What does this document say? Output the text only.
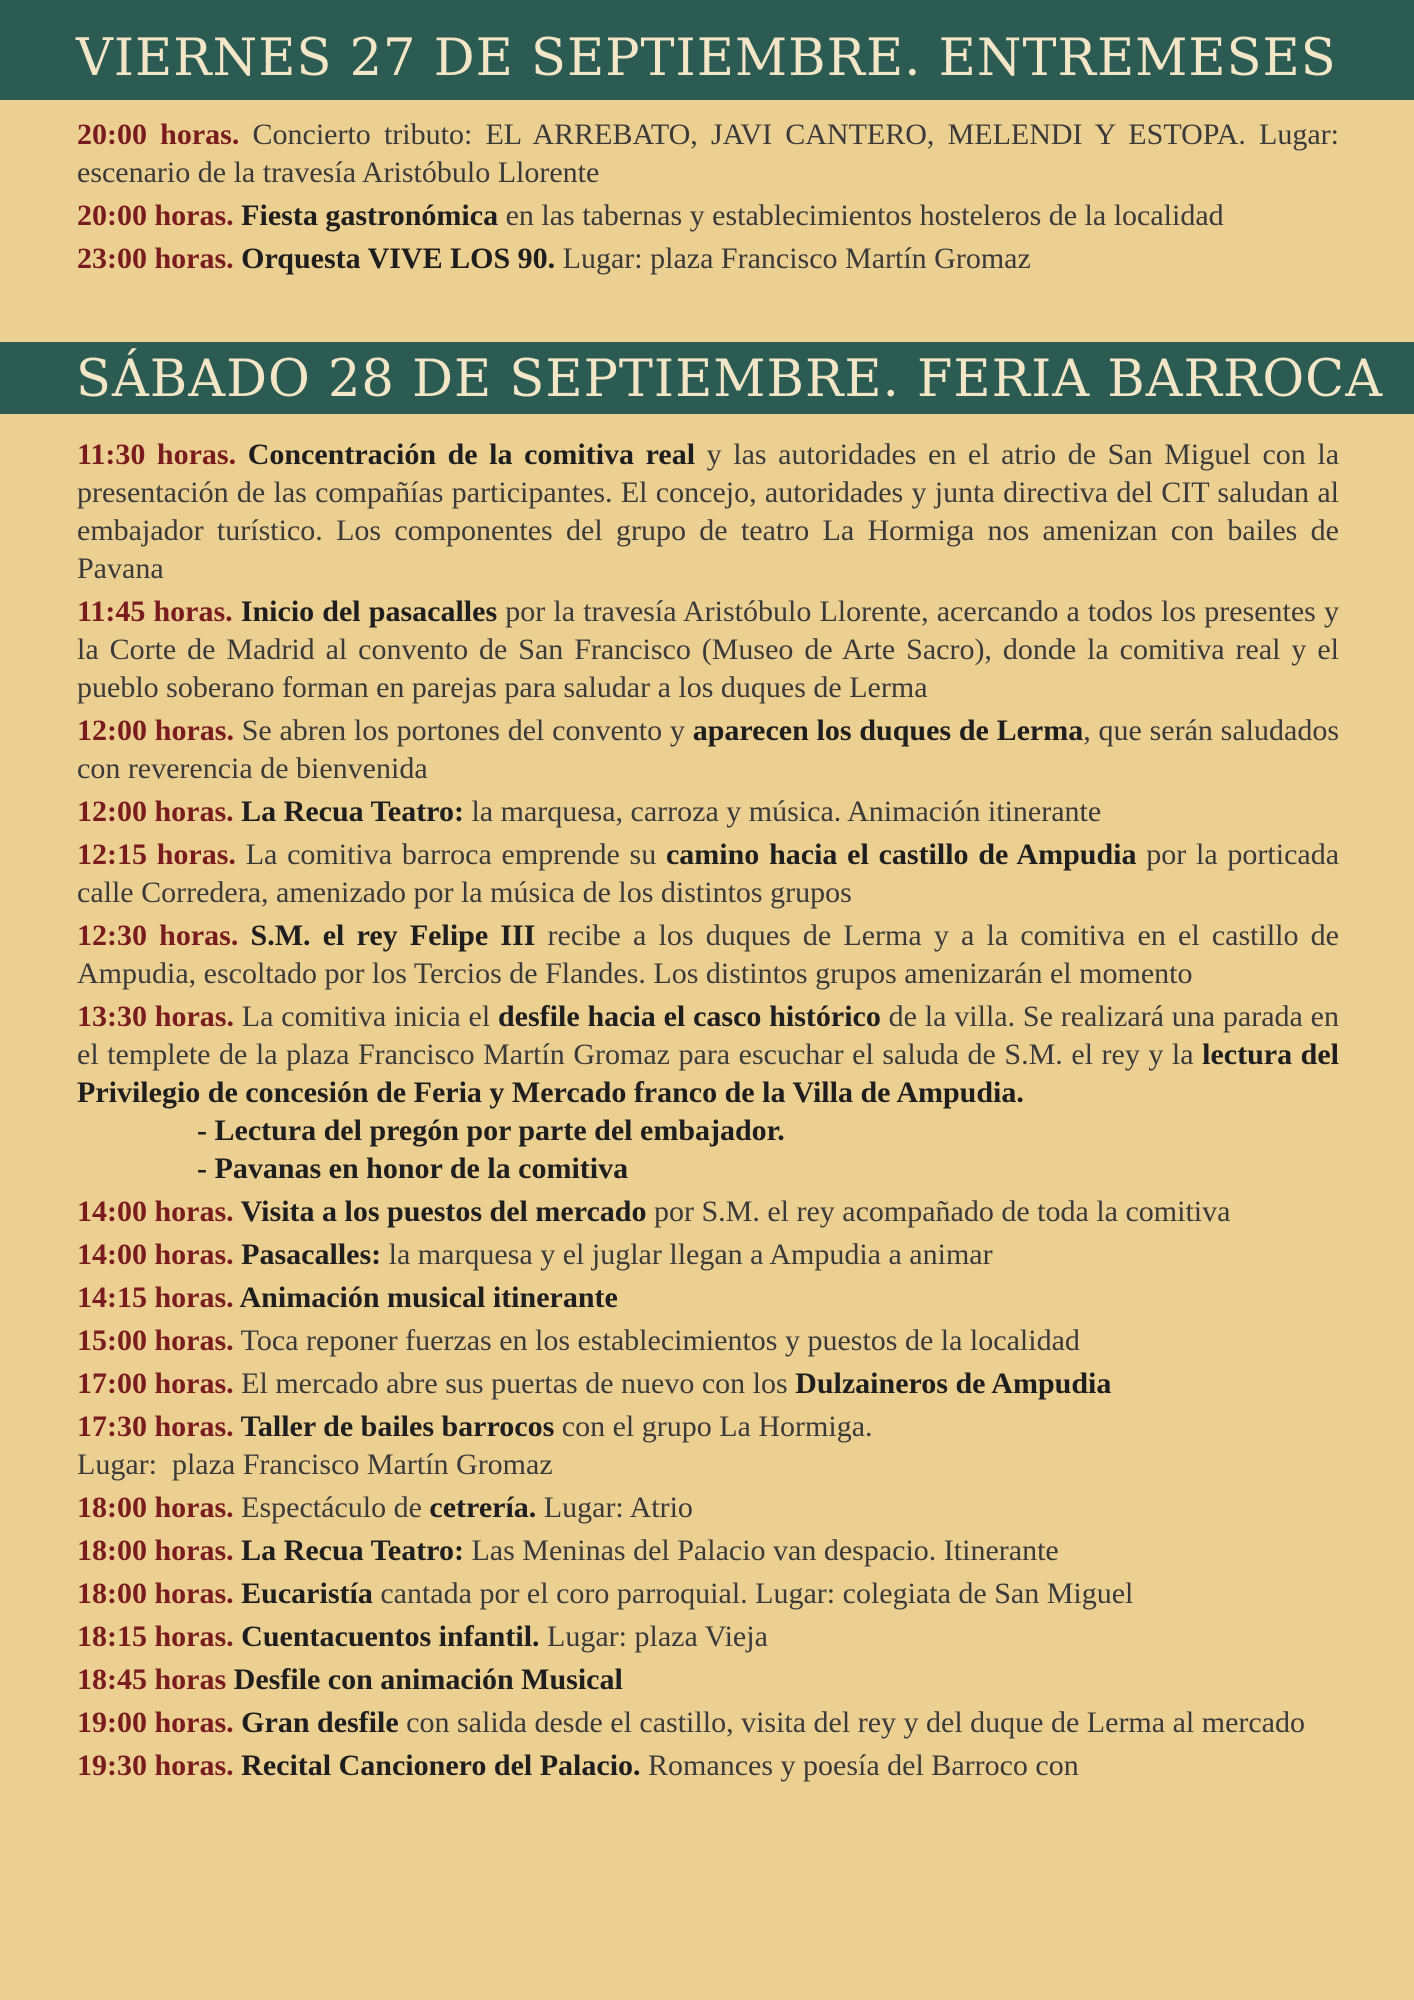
VIERNES 27 DE SEPTIEMBRE. ENTREMESES
20:00 horas. Concierto tributo: EL ARREBATO, JAVI CANTERO, MELENDI Y ESTOPA. Lugar: escenario de la travesía Aristóbulo Llorente
20:00 horas. Fiesta gastronómica en las tabernas y establecimientos hosteleros de la localidad
23:00 horas. Orquesta VIVE LOS 90. Lugar: plaza Francisco Martín Gromaz
SÁBADO 28 DE SEPTIEMBRE. FERIA BARROCA
11:30 horas. Concentración de la comitiva real y las autoridades en el atrio de San Miguel con la presentación de las compañías participantes. El concejo, autoridades y junta directiva del CIT saludan al embajador turístico. Los componentes del grupo de teatro La Hormiga nos amenizan con bailes de Pavana
11:45 horas. Inicio del pasacalles por la travesía Aristóbulo Llorente, acercando a todos los presentes y la Corte de Madrid al convento de San Francisco (Museo de Arte Sacro), donde la comitiva real y el pueblo soberano forman en parejas para saludar a los duques de Lerma
12:00 horas. Se abren los portones del convento y aparecen los duques de Lerma, que serán saludados con reverencia de bienvenida
12:00 horas. La Recua Teatro: la marquesa, carroza y música. Animación itinerante
12:15 horas. La comitiva barroca emprende su camino hacia el castillo de Ampudia por la porticada calle Corredera, amenizado por la música de los distintos grupos
12:30 horas. S.M. el rey Felipe III recibe a los duques de Lerma y a la comitiva en el castillo de Ampudia, escoltado por los Tercios de Flandes. Los distintos grupos amenizarán el momento
13:30 horas. La comitiva inicia el desfile hacia el casco histórico de la villa. Se realizará una parada en el templete de la plaza Francisco Martín Gromaz para escuchar el saluda de S.M. el rey y la lectura del Privilegio de concesión de Feria y Mercado franco de la Villa de Ampudia.
- Lectura del pregón por parte del embajador.
- Pavanas en honor de la comitiva
14:00 horas. Visita a los puestos del mercado por S.M. el rey acompañado de toda la comitiva
14:00 horas. Pasacalles: la marquesa y el juglar llegan a Ampudia a animar
14:15 horas. Animación musical itinerante
15:00 horas. Toca reponer fuerzas en los establecimientos y puestos de la localidad
17:00 horas. El mercado abre sus puertas de nuevo con los Dulzaineros de Ampudia
17:30 horas. Taller de bailes barrocos con el grupo La Hormiga.
Lugar:  plaza Francisco Martín Gromaz
18:00 horas. Espectáculo de cetrería. Lugar: Atrio
18:00 horas. La Recua Teatro: Las Meninas del Palacio van despacio. Itinerante
18:00 horas. Eucaristía cantada por el coro parroquial. Lugar: colegiata de San Miguel
18:15 horas. Cuentacuentos infantil. Lugar: plaza Vieja
18:45 horas Desfile con animación Musical
19:00 horas. Gran desfile con salida desde el castillo, visita del rey y del duque de Lerma al mercado
19:30 horas. Recital Cancionero del Palacio. Romances y poesía del Barroco con
